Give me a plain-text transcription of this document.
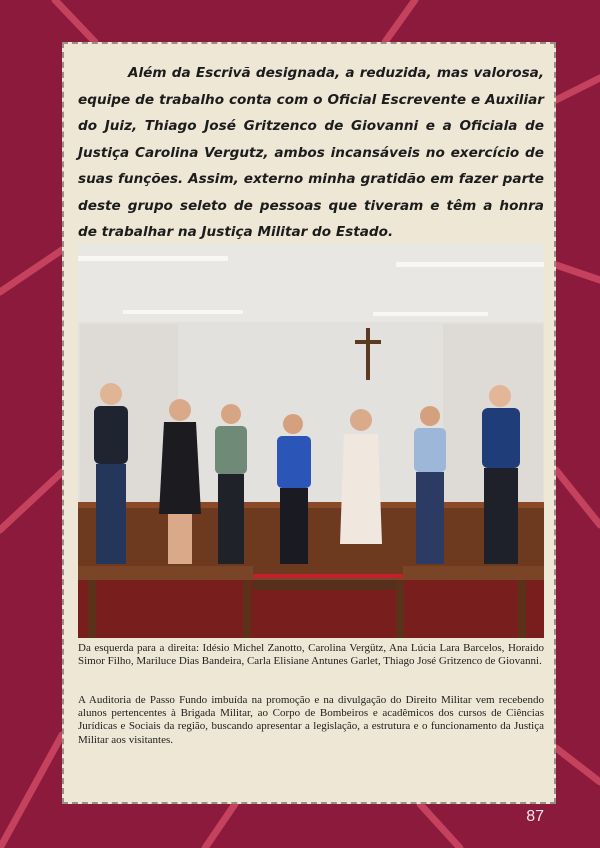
Além da Escrivã designada, a reduzida, mas valorosa, equipe de trabalho conta com o Oficial Escrevente e Auxiliar do Juiz, Thiago José Gritzenco de Giovanni e a Oficiala de Justiça Carolina Vergutz, ambos incansáveis no exercício de suas funções. Assim, externo minha gratidão em fazer parte deste grupo seleto de pessoas que tiveram e têm a honra de trabalhar na Justiça Militar do Estado.

Da esquerda para a direita: Idésio Michel Zanotto, Carolina Vergütz, Ana Lúcia Lara Barcelos, Horaido Simor Filho, Mariluce Dias Bandeira, Carla Elisiane Antunes Garlet, Thiago José Gritzenco de Giovanni.

A Auditoria de Passo Fundo imbuída na promoção e na divulgação do Direito Militar vem recebendo alunos pertencentes à Brigada Militar, ao Corpo de Bombeiros e acadêmicos dos cursos de Ciências Jurídicas e Sociais da região, buscando apresentar a legislação, a estrutura e o funcionamento da Justiça Militar aos visitantes.

87
